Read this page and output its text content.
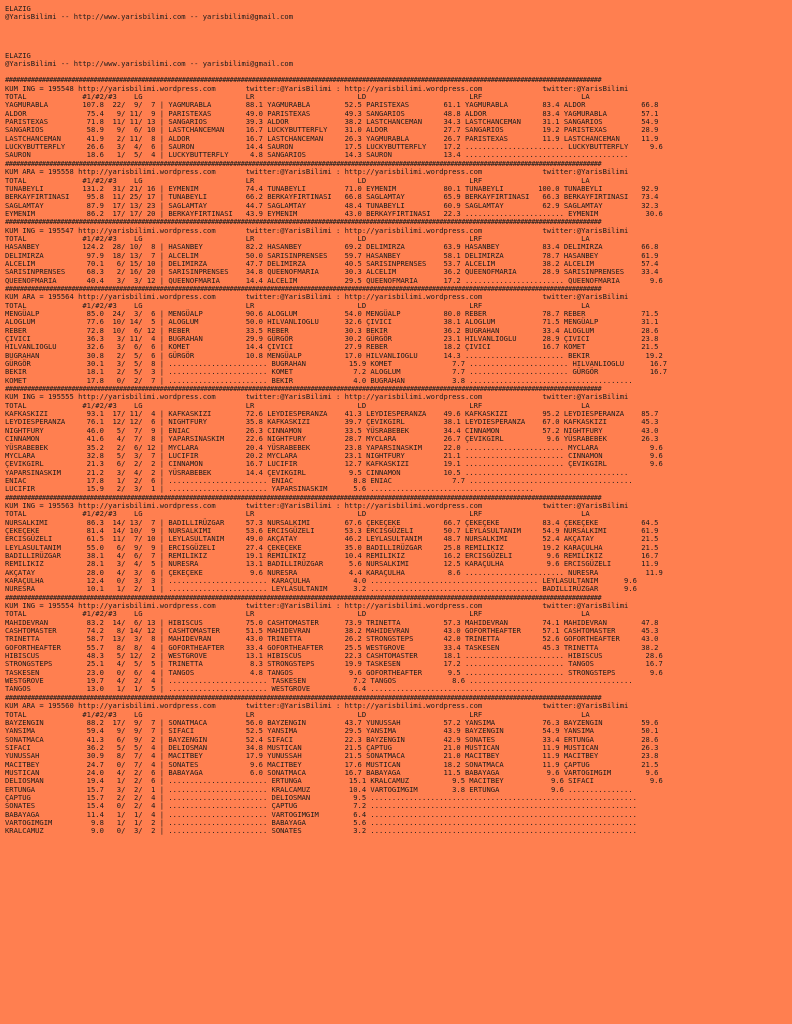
ELAZIG
@YarisBilimi -- http://www.yarisbilimi.com -- yarisbilimi@gmail.com
ELAZIG
@YarisBilimi -- http://www.yarisbilimi.com -- yarisbilimi@gmail.com
##################################################################################################################################################################
KUM ING = 195548 http://yarisbilimi.wordpress.com       twitter:@YarisBilimi : http://yarisbilimi.wordpress.com              twitter:@YarisBilimi
TOTAL             #1/#2/#3    LG                        LR                        LD                        LRF                       LA
YAGMURABLA        107.8  22/  9/  7 | YAGMURABLA        88.1 YAGMURABLA        52.5 PARISTEXAS        61.1 YAGMURABLA        83.4 ALDOR             66.8
ALDOR              75.4   9/ 11/  9 | PARISTEXAS        49.0 PARISTEXAS        49.3 SANGARIOS         48.8 ALDOR             83.4 YAGMURABLA        57.1
PARISTEXAS         71.8  11/ 11/ 13 | SANGARIOS         39.3 ALDOR             38.2 LASTCHANCEMAN     34.3 LASTCHANCEMAN     31.1 SANGARIOS         54.9
SANGARIOS          58.9   9/  6/ 10 | LASTCHANCEMAN     16.7 LUCKYBUTTERFLY    31.0 ALDOR             27.7 SANGARIOS         19.2 PARISTEXAS        28.9
LASTCHANCEMAN      41.9   2/ 11/  8 | ALDOR             16.7 LASTCHANCEMAN     26.3 YAGMURABLA        26.7 PARISTEXAS        11.9 LASTCHANCEMAN     11.9
LUCKYBUTTERFLY     26.6   3/  4/  6 | SAURON            14.4 SAURON            17.5 LUCKYBUTTERFLY    17.2 ....................... LUCKYBUTTERFLY     9.6
SAURON             18.6   1/  5/  4 | LUCKYBUTTERFLY     4.8 SANGARIOS         14.3 SAURON            13.4 ......................................
##################################################################################################################################################################
KUM ARA = 195558 http://yarisbilimi.wordpress.com       twitter:@YarisBilimi : http://yarisbilimi.wordpress.com              twitter:@YarisBilimi
TOTAL             #1/#2/#3    LG                        LR                        LD                        LRF                       LA
TUNABEYLI         131.2  31/ 21/ 16 | EYMENIM           74.4 TUNABEYLI         71.0 EYMENIM           80.1 TUNABEYLI        100.0 TUNABEYLI         92.9
BERKAYFIRTINASI    95.8  11/ 25/ 17 | TUNABEYLI         66.2 BERKAYFIRTINASI   66.8 SAGLAMTAY         65.9 BERKAYFIRTINASI   66.3 BERKAYFIRTINASI   73.4
SAGLAMTAY          87.9  17/ 13/ 23 | SAGLAMTAY         44.7 SAGLAMTAY         48.4 TUNABEYLI         60.9 SAGLAMTAY         62.9 SAGLAMTAY         32.3
EYMENIM            86.2  17/ 17/ 20 | BERKAYFIRTINASI   43.9 EYMENIM           43.0 BERKAYFIRTINASI   22.3 ....................... EYMENIM           30.6
##################################################################################################################################################################
KUM ING = 195547 http://yarisbilimi.wordpress.com       twitter:@YarisBilimi : http://yarisbilimi.wordpress.com              twitter:@YarisBilimi
TOTAL             #1/#2/#3    LG                        LR                        LD                        LRF                       LA
HASANBEY          124.2  28/ 10/  8 | HASANBEY          82.2 HASANBEY          69.2 DELIMIRZA         63.9 HASANBEY          83.4 DELIMIRZA         66.8
DELIMIRZA          97.9  18/ 13/  7 | ALCELIM           50.0 SARISINPRENSES    59.7 HASANBEY          58.1 DELIMIRZA         78.7 HASANBEY          61.9
ALCELIM            70.1   6/ 15/ 10 | DELIMIRZA         47.7 DELIMIRZA         40.5 SARISINPRENSES    53.7 ALCELIM           38.2 ALCELIM           57.4
SARISINPRENSES     68.3   2/ 16/ 20 | SARISINPRENSES    34.8 QUEENOFMARIA      30.3 ALCELIM           36.2 QUEENOFMARIA      28.9 SARISINPRENSES    33.4
QUEENOFMARIA       40.4   3/  3/ 12 | QUEENOFMARIA      14.4 ALCELIM           29.5 QUEENOFMARIA      17.2 ....................... QUEENOFMARIA       9.6
##################################################################################################################################################################
KUM ARA = 195564 http://yarisbilimi.wordpress.com       twitter:@YarisBilimi : http://yarisbilimi.wordpress.com              twitter:@YarisBilimi
TOTAL             #1/#2/#3    LG                        LR                        LD                        LRF                       LA
MENGÜALP           85.0  24/  3/  6 | MENGÜALP          90.6 ALOGLUM           54.0 MENGÜALP          80.0 REBER             78.7 REBER             71.5
ALOGLUM            77.6  10/ 14/  5 | ALOGLUM           50.0 HILVANLIOGLU      32.6 ÇIVICI            38.1 ALOGLUM           71.5 MENGÜALP          31.1
REBER              72.8  10/  6/ 12 | REBER             33.5 REBER             30.3 BEKIR             36.2 BUGRAHAN          33.4 ALOGLUM           28.6
ÇIVICI             36.3   3/ 11/  4 | BUGRAHAN          29.9 GÜRGÖR            30.2 GÜRGÖR            23.1 HILVANLIOGLU      28.9 ÇIVICI            23.8
HILVANLIOGLU       32.6   3/  6/  6 | KOMET             14.4 ÇIVICI            27.9 REBER             18.2 ÇIVICI            16.7 KOMET             21.5
BUGRAHAN           30.8   2/  5/  6 | GÜRGÖR            10.8 MENGÜALP          17.0 HILVANLIOGLU      14.3 ....................... BEKIR             19.2
GÜRGÖR             30.1   3/  5/  8 | ....................... BUGRAHAN          15.9 KOMET              7.7 ....................... HILVANLIOGLU      16.7
BEKIR              18.1   2/  5/  3 | ....................... KOMET              7.2 ALOGLUM            7.7 ....................... GÜRGÖR            16.7
KOMET              17.8   0/  2/  7 | ....................... BEKIR              4.0 BUGRAHAN           3.8 ......................................
##################################################################################################################################################################
KUM ING = 195555 http://yarisbilimi.wordpress.com       twitter:@YarisBilimi : http://yarisbilimi.wordpress.com              twitter:@YarisBilimi
TOTAL             #1/#2/#3    LG                        LR                        LD                        LRF                       LA
KAFKASKIZI         93.1  17/ 11/  4 | KAFKASKIZI        72.6 LEYDIESPERANZA    41.3 LEYDIESPERANZA    49.6 KAFKASKIZI        95.2 LEYDIESPERANZA    85.7
LEYDIESPERANZA     76.1  12/ 12/  6 | NIGHTFURY         35.8 KAFKASKIZI        39.7 ÇEVIKGIRL         38.1 LEYDIESPERANZA    67.0 KAFKASKIZI        45.3
NIGHTFURY          46.0   5/  7/  9 | ENIAC             26.3 CINNAMON          33.5 YÜSRABEBEK        34.4 CINNAMON          57.2 NIGHTFURY         43.0
CINNAMON           41.6   4/  7/  8 | YAPARSINASKIM     22.6 NIGHTFURY         28.7 MYCLARA           26.7 ÇEVIKGIRL          9.6 YÜSRABEBEK        26.3
YÜSRABEBEK         35.2   2/  6/ 12 | MYCLARA           20.4 YÜSRABEBEK        23.8 YAPARSINASKIM     22.0 ....................... MYCLARA            9.6
MYCLARA            32.8   5/  3/  7 | LUCIFIR           20.2 MYCLARA           23.1 NIGHTFURY         21.1 ....................... CINNAMON           9.6
ÇEVIKGIRL          21.3   6/  2/  2 | CINNAMON          16.7 LUCIFIR           12.7 KAFKASKIZI        19.1 ....................... ÇEVIKGIRL          9.6
YAPARSINASKIM      21.2   3/  4/  2 | YÜSRABEBEK        14.4 ÇEVIKGIRL          9.5 CINNAMON          10.5 ......................................
ENIAC              17.8   1/  2/  6 | ....................... ENIAC              8.8 ENIAC              7.7 ......................................
LUCIFIR            15.9   2/  3/  1 | ....................... YAPARSINASKIM      5.6 ......................................
##################################################################################################################################################################
KUM ING = 195563 http://yarisbilimi.wordpress.com       twitter:@YarisBilimi : http://yarisbilimi.wordpress.com              twitter:@YarisBilimi
TOTAL             #1/#2/#3    LG                        LR                        LD                        LRF                       LA
NURSALKIMI         86.3  14/ 13/  7 | BADILLIRÜZGAR     57.3 NURSALKIMI        67.6 ÇEKEÇEKE          66.7 ÇEKEÇEKE          83.4 ÇEKEÇEKE          64.5
ÇEKEÇEKE           81.4  14/ 10/  9 | NURSALKIMI        53.6 ERCISGÜZELI       53.3 ERCISGÜZELI       50.7 LEYLASULTANIM     54.9 NURSALKIMI        61.9
ERCISGÜZELI        61.5  11/  7/ 10 | LEYLASULTANIM     49.0 AKÇATAY           46.2 LEYLASULTANIM     48.7 NURSALKIMI        52.4 AKÇATAY           21.5
LEYLASULTANIM      55.0   6/  9/  9 | ERCISGÜZELI       27.4 ÇEKEÇEKE          35.0 BADILLIRÜZGAR     25.8 REMILIKIZ         19.2 KARAÇULHA         21.5
BADILLIRÜZGAR      38.1   4/  6/  7 | REMILIKIZ         19.1 REMILIKIZ         10.4 REMILIKIZ         16.2 ERCISGÜZELI        9.6 REMILIKIZ         16.7
REMILIKIZ          28.1   3/  4/  5 | NURESRA           13.1 BADILLIRÜZGAR      5.6 NURSALKIMI        12.5 KARAÇULHA          9.6 ERCISGÜZELI       11.9
AKÇATAY            28.0   4/  3/  6 | ÇEKEÇEKE           9.6 NURESRA            4.4 KARAÇULHA          8.6 ....................... NURESRA           11.9
KARAÇULHA          12.4   0/  3/  3 | ....................... KARAÇULHA          4.0 ....................................... LEYLASULTANIM      9.6
NURESRA            10.1   1/  2/  1 | ....................... LEYLASULTANIM      3.2 ....................................... BADILLIRÜZGAR      9.6
##################################################################################################################################################################
KUM ING = 195554 http://yarisbilimi.wordpress.com       twitter:@YarisBilimi : http://yarisbilimi.wordpress.com              twitter:@YarisBilimi
TOTAL             #1/#2/#3    LG                        LR                        LD                        LRF                       LA
MAHIDEVRAN         83.2  14/  6/ 13 | HIBISCUS          75.0 CASHTOMASTER      73.9 TRINETTA          57.3 MAHIDEVRAN        74.1 MAHIDEVRAN        47.8
CASHTOMASTER       74.2   8/ 14/ 12 | CASHTOMASTER      51.5 MAHIDEVRAN        38.2 MAHIDEVRAN        43.0 GOFORTHEAFTER     57.1 CASHTOMASTER      45.3
TRINETTA           58.7  13/  3/  8 | MAHIDEVRAN        43.0 TRINETTA          26.2 STRONGSTEPS       42.0 TRINETTA          52.6 GOFORTHEAFTER     43.0
GOFORTHEAFTER      55.7   8/  8/  4 | GOFORTHEAFTER     33.4 GOFORTHEAFTER     25.5 WESTGROVE         33.4 TASKESEN          45.3 TRINETTA          38.2
HIBISCUS           48.3   5/ 12/  2 | WESTGROVE         13.1 HIBISCUS          22.3 CASHTOMASTER      18.1 ....................... HIBISCUS          28.6
STRONGSTEPS        25.1   4/  5/  5 | TRINETTA           8.3 STRONGSTEPS       19.9 TASKESEN          17.2 ....................... TANGOS            16.7
TASKESEN           23.0   0/  6/  4 | TANGOS             4.8 TANGOS             9.6 GOFORTHEAFTER      9.5 ....................... STRONGSTEPS        9.6
WESTGROVE          19.7   4/  2/  4 | ....................... TASKESEN           7.2 TANGOS             8.6 ......................................
TANGOS             13.0   1/  1/  5 | ....................... WESTGROVE          6.4 ......................................
##################################################################################################################################################################
KUM ARA = 195560 http://yarisbilimi.wordpress.com       twitter:@YarisBilimi : http://yarisbilimi.wordpress.com              twitter:@YarisBilimi
TOTAL             #1/#2/#3    LG                        LR                        LD                        LRF                       LA
BAYZENGIN          88.2  17/  9/  7 | SONATMACA         56.0 BAYZENGIN         43.7 YUNUSSAH          57.2 YANSIMA           76.3 BAYZENGIN         59.6
YANSIMA            59.4   9/  9/  7 | SIFACI            52.5 YANSIMA           29.5 YANSIMA           43.9 BAYZENGIN         54.9 YANSIMA           50.1
SONATMACA          41.3   6/  9/  2 | BAYZENGIN         52.4 SIFACI            22.3 BAYZENGIN         42.9 SONATES           33.4 ERTUNGA           28.6
SIFACI             36.2   5/  5/  4 | DELIOSMAN         34.8 MUSTICAN          21.5 ÇAPTUG            21.0 MUSTICAN          11.9 MUSTICAN          26.3
YUNUSSAH           30.9   8/  7/  4 | MACITBEY          17.9 YUNUSSAH          21.5 SONATMACA         21.0 MACITBEY          11.9 MACITBEY          23.8
MACITBEY           24.7   0/  7/  4 | SONATES            9.6 MACITBEY          17.6 MUSTICAN          18.2 SONATMACA         11.9 ÇAPTUG            21.5
MUSTICAN           24.0   4/  2/  6 | BABAYAGA           6.0 SONATMACA         16.7 BABAYAGA          11.5 BABAYAGA           9.6 VARTOGIMGIM        9.6
DELIOSMAN          19.4   1/  2/  6 | ....................... ERTUNGA           15.1 KRALCAMUZ          9.5 MACITBEY           9.6 SIFACI             9.6
ERTUNGA            15.7   3/  2/  1 | ....................... KRALCAMUZ         10.4 VARTOGIMGIM        3.8 ERTUNGA            9.6 ...............
ÇAPTUG             15.7   2/  2/  4 | ....................... DELIOSMAN          9.5 ..............................................................
SONATES            15.4   0/  2/  4 | ....................... ÇAPTUG             7.2 ..............................................................
BABAYAGA           11.4   1/  1/  4 | ....................... VARTOGIMGIM        6.4 ..............................................................
VARTOGIMGIM         9.8   1/  1/  2 | ....................... BABAYAGA           5.6 ..............................................................
KRALCAMUZ           9.0   0/  3/  2 | ....................... SONATES            3.2 ..............................................................
